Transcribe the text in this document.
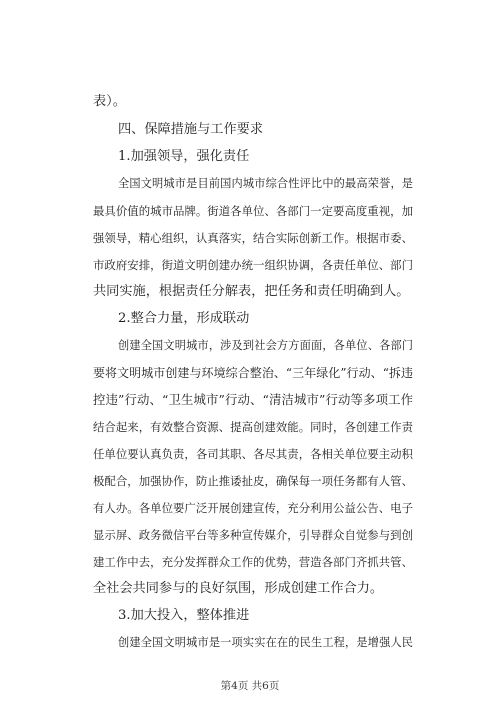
表）。
四、保障措施与工作要求
1.加强领导，强化责任
全国文明城市是目前国内城市综合性评比中的最高荣誉，是
最具价值的城市品牌。街道各单位、各部门一定要高度重视，加
强领导，精心组织，认真落实，结合实际创新工作。根据市委、
市政府安排，街道文明创建办统一组织协调，各责任单位、部门
共同实施，根据责任分解表，把任务和责任明确到人。
2.整合力量，形成联动
创建全国文明城市，涉及到社会方方面面，各单位、各部门
要将文明城市创建与环境综合整治、“三年绿化”行动、“拆违
控违”行动、“卫生城市”行动、“清洁城市”行动等多项工作
结合起来，有效整合资源、提高创建效能。同时，各创建工作责
任单位要认真负责，各司其职、各尽其责，各相关单位要主动积
极配合，加强协作，防止推诿扯皮，确保每一项任务都有人管、
有人办。各单位要广泛开展创建宣传，充分利用公益公告、电子
显示屏、政务微信平台等多种宣传媒介，引导群众自觉参与到创
建工作中去，充分发挥群众工作的优势，营造各部门齐抓共管、
全社会共同参与的良好氛围，形成创建工作合力。
3.加大投入，整体推进
创建全国文明城市是一项实实在在的民生工程，是增强人民
第4页 共6页
